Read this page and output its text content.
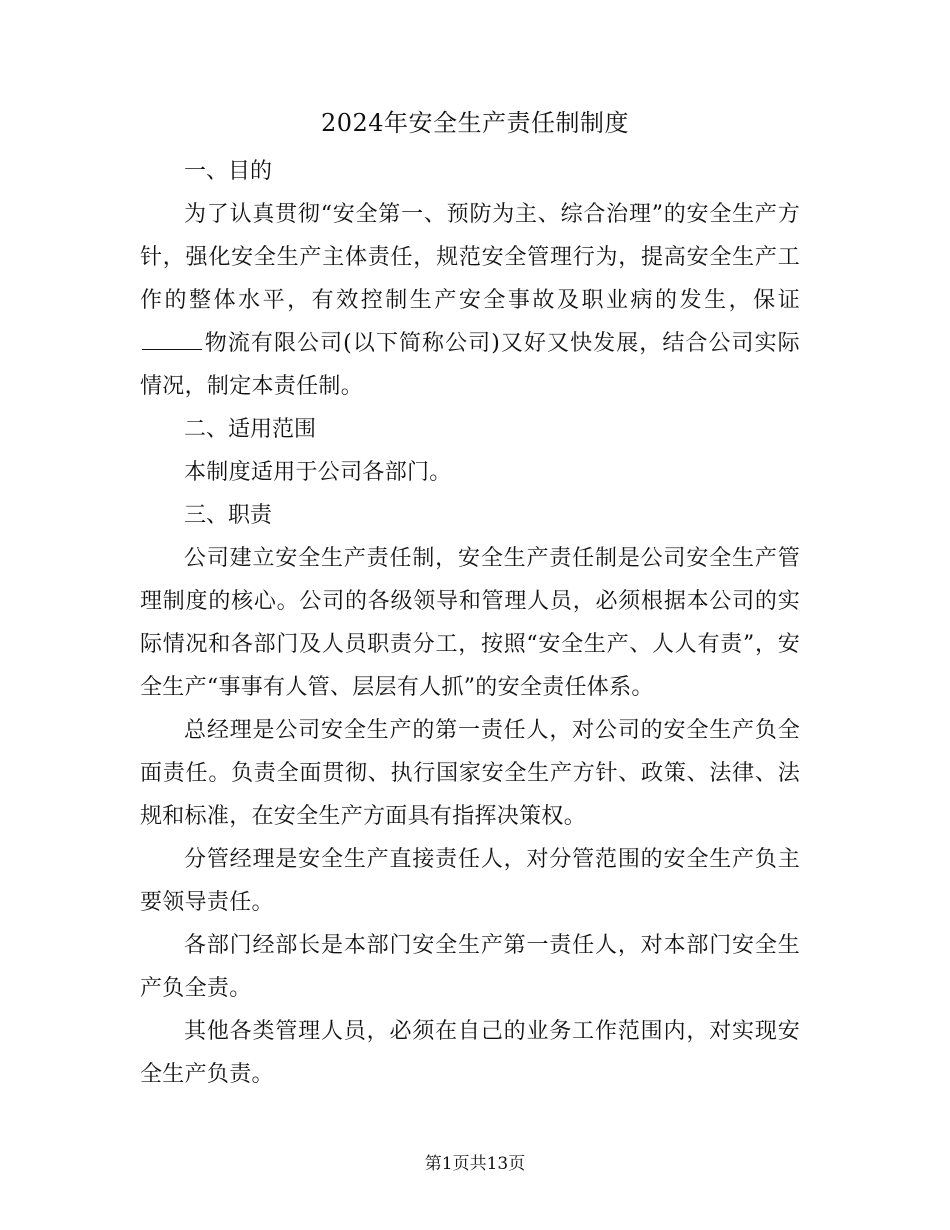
2024年安全生产责任制制度

一、目的

为了认真贯彻“安全第一、预防为主、综合治理”的安全生产方针，强化安全生产主体责任，规范安全管理行为，提高安全生产工作的整体水平，有效控制生产安全事故及职业病的发生，保证物流有限公司(以下简称公司)又好又快发展，结合公司实际情况，制定本责任制。

二、适用范围

本制度适用于公司各部门。

三、职责

公司建立安全生产责任制，安全生产责任制是公司安全生产管理制度的核心。公司的各级领导和管理人员，必须根据本公司的实际情况和各部门及人员职责分工，按照“安全生产、人人有责”，安全生产“事事有人管、层层有人抓”的安全责任体系。

总经理是公司安全生产的第一责任人，对公司的安全生产负全面责任。负责全面贯彻、执行国家安全生产方针、政策、法律、法规和标准，在安全生产方面具有指挥决策权。

分管经理是安全生产直接责任人，对分管范围的安全生产负主要领导责任。

各部门经部长是本部门安全生产第一责任人，对本部门安全生产负全责。

其他各类管理人员，必须在自己的业务工作范围内，对实现安全生产负责。

第1页共13页
